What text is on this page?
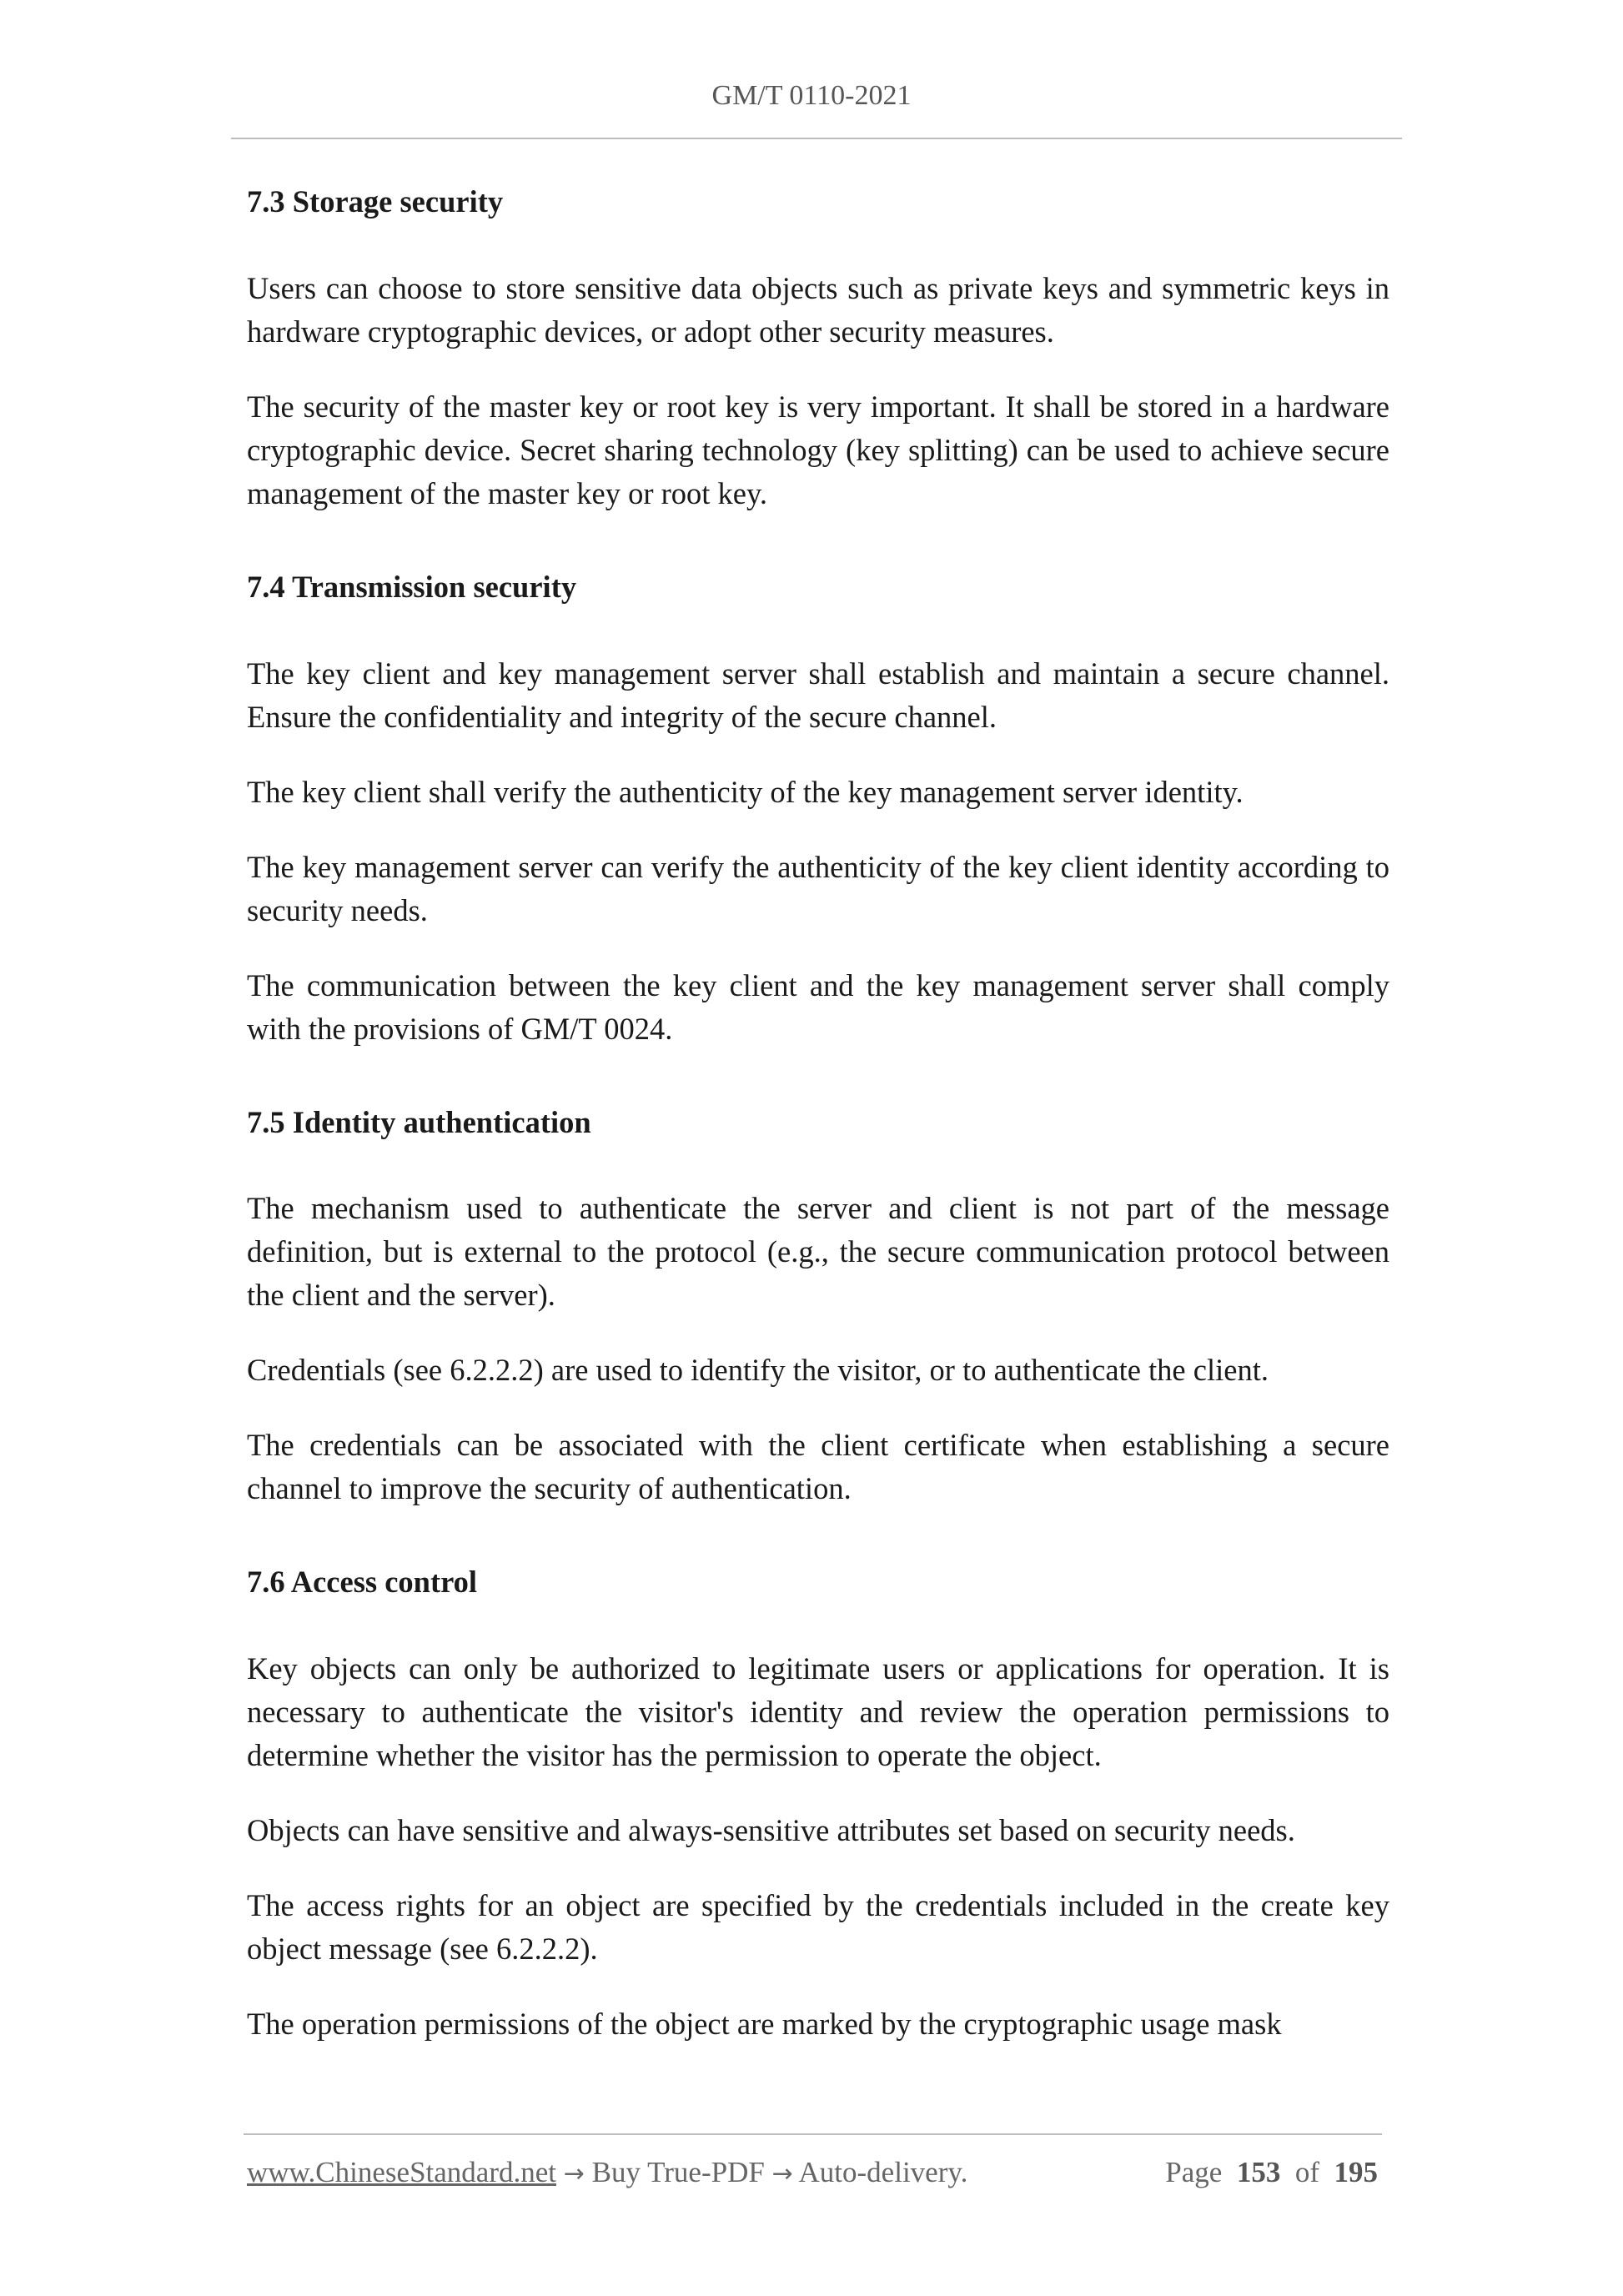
GM/T 0110-2021
7.3 Storage security

Users can choose to store sensitive data objects such as private keys and symmetric keys in hardware cryptographic devices, or adopt other security measures.

The security of the master key or root key is very important. It shall be stored in a hardware cryptographic device. Secret sharing technology (key splitting) can be used to achieve secure management of the master key or root key.

7.4 Transmission security

The key client and key management server shall establish and maintain a secure channel. Ensure the confidentiality and integrity of the secure channel.

The key client shall verify the authenticity of the key management server identity.

The key management server can verify the authenticity of the key client identity according to security needs.

The communication between the key client and the key management server shall comply with the provisions of GM/T 0024.

7.5 Identity authentication

The mechanism used to authenticate the server and client is not part of the message definition, but is external to the protocol (e.g., the secure communication protocol between the client and the server).

Credentials (see 6.2.2.2) are used to identify the visitor, or to authenticate the client.

The credentials can be associated with the client certificate when establishing a secure channel to improve the security of authentication.

7.6 Access control

Key objects can only be authorized to legitimate users or applications for operation. It is necessary to authenticate the visitor's identity and review the operation permissions to determine whether the visitor has the permission to operate the object.

Objects can have sensitive and always-sensitive attributes set based on security needs.

The access rights for an object are specified by the credentials included in the create key object message (see 6.2.2.2).

The operation permissions of the object are marked by the cryptographic usage mask

www.ChineseStandard.net → Buy True-PDF → Auto-delivery.	Page 153 of 195
